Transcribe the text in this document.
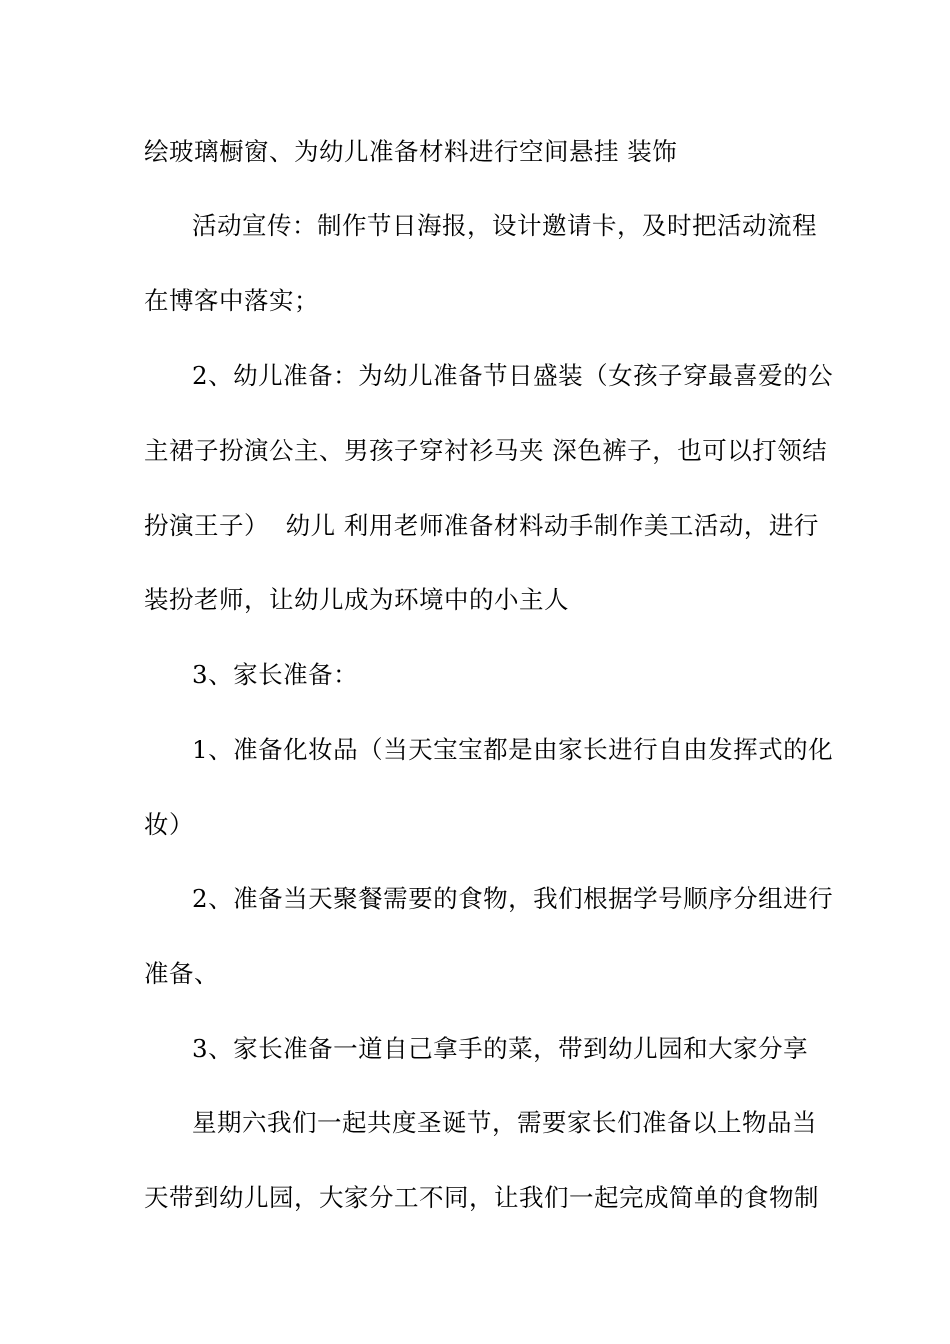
绘玻璃橱窗、为幼儿准备材料进行空间悬挂 装饰
活动宣传：制作节日海报，设计邀请卡，及时把活动流程
在博客中落实；
2、幼儿准备：为幼儿准备节日盛装（女孩子穿最喜爱的公
主裙子扮演公主、男孩子穿衬衫马夹 深色裤子，也可以打领结
扮演王子）  幼儿 利用老师准备材料动手制作美工活动，进行
装扮老师，让幼儿成为环境中的小主人
3、家长准备：
1、准备化妆品（当天宝宝都是由家长进行自由发挥式的化
妆）
2、准备当天聚餐需要的食物，我们根据学号顺序分组进行
准备、
3、家长准备一道自己拿手的菜，带到幼儿园和大家分享
星期六我们一起共度圣诞节，需要家长们准备以上物品当
天带到幼儿园，大家分工不同，让我们一起完成简单的食物制
